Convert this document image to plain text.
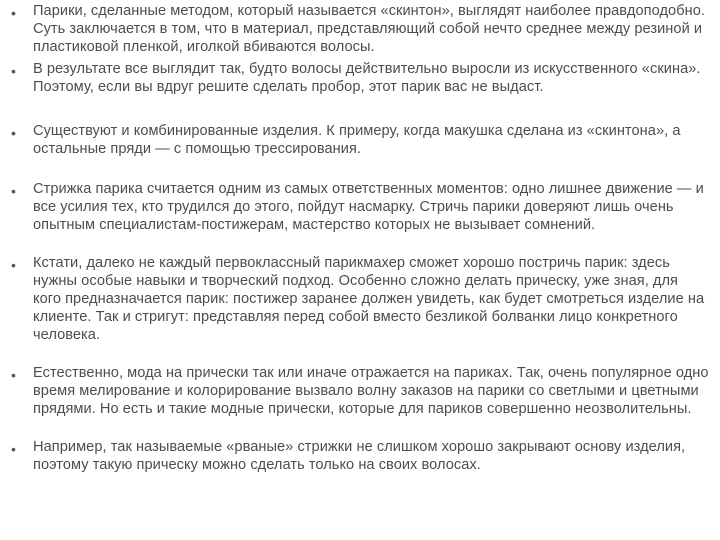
• Парики, сделанные методом, который называется «скинтон», выглядят наиболее правдоподобно. Суть заключается в том, что в материал, представляющий собой нечто среднее между резиной и пластиковой пленкой, иголкой вбиваются волосы.
• В результате все выглядит так, будто волосы действительно выросли из искусственного «скина». Поэтому, если вы вдруг решите сделать пробор, этот парик вас не выдаст.
• Существуют и комбинированные изделия. К примеру, когда макушка сделана из «скинтона», а остальные пряди — с помощью трессирования.
• Стрижка парика считается одним из самых ответственных моментов: одно лишнее движение — и все усилия тех, кто трудился до этого, пойдут насмарку. Стричь парики доверяют лишь очень опытным специалистам-постижерам, мастерство которых не вызывает сомнений.
• Кстати, далеко не каждый первоклассный парикмахер сможет хорошо постричь парик: здесь нужны особые навыки и творческий подход. Особенно сложно делать прическу, уже зная, для кого предназначается парик: постижер заранее должен увидеть, как будет смотреться изделие на клиенте. Так и стригут: представляя перед собой вместо безликой болванки лицо конкретного человека.
• Естественно, мода на прически так или иначе отражается на париках. Так, очень популярное одно время мелирование и колорирование вызвало волну заказов на парики со светлыми и цветными прядями. Но есть и такие модные прически, которые для париков совершенно неозволительны.
• Например, так называемые «рваные» стрижки не слишком хорошо закрывают основу изделия, поэтому такую прическу можно сделать только на своих волосах.
